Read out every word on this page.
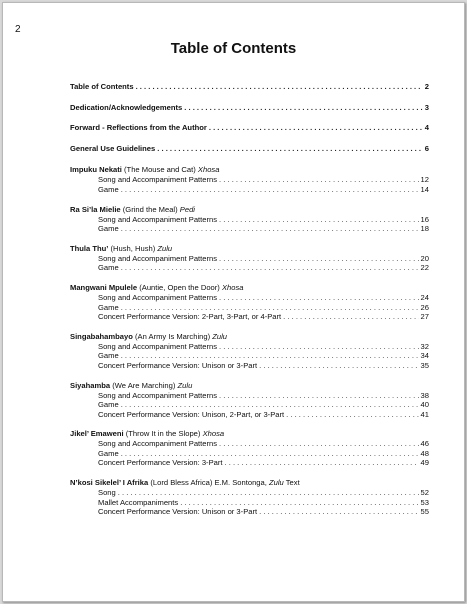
2
Table of Contents
Table of Contents . . .	2
Dedication/Acknowledgements . . .	3
Forward - Reflections from the Author . . .	4
General Use Guidelines . . .	6
Impuku Nekati (The Mouse and Cat) Xhosa
Song and Accompaniment Patterns . . .	12
Game . . .	14
Ra Si’la Mielie (Grind the Meal) Pedi
Song and Accompaniment Patterns . . .	16
Game . . .	18
Thula Thu’ (Hush, Hush) Zulu
Song and Accompaniment Patterns . . .	20
Game . . .	22
Mangwani Mpulele (Auntie, Open the Door) Xhosa
Song and Accompaniment Patterns . . .	24
Game . . .	26
Concert Performance Version: 2-Part, 3-Part, or 4-Part . . .	27
Singabahambayo (An Army Is Marching) Zulu
Song and Accompaniment Patterns . . .	32
Game . . .	34
Concert Performance Version: Unison or 3-Part . . .	35
Siyahamba (We Are Marching) Zulu
Song and Accompaniment Patterns . . .	38
Game . . .	40
Concert Performance Version: Unison, 2-Part, or 3-Part . . .	41
Jikel’ Emaweni (Throw It in the Slope) Xhosa
Song and Accompaniment Patterns . . .	46
Game . . .	48
Concert Performance Version: 3-Part . . .	49
N’kosi Sikelel’ I Afrika (Lord Bless Africa) E.M. Sontonga, Zulu Text
Song . . .	52
Mallet Accompaniments . . .	53
Concert Performance Version: Unison or 3-Part . . .	55
